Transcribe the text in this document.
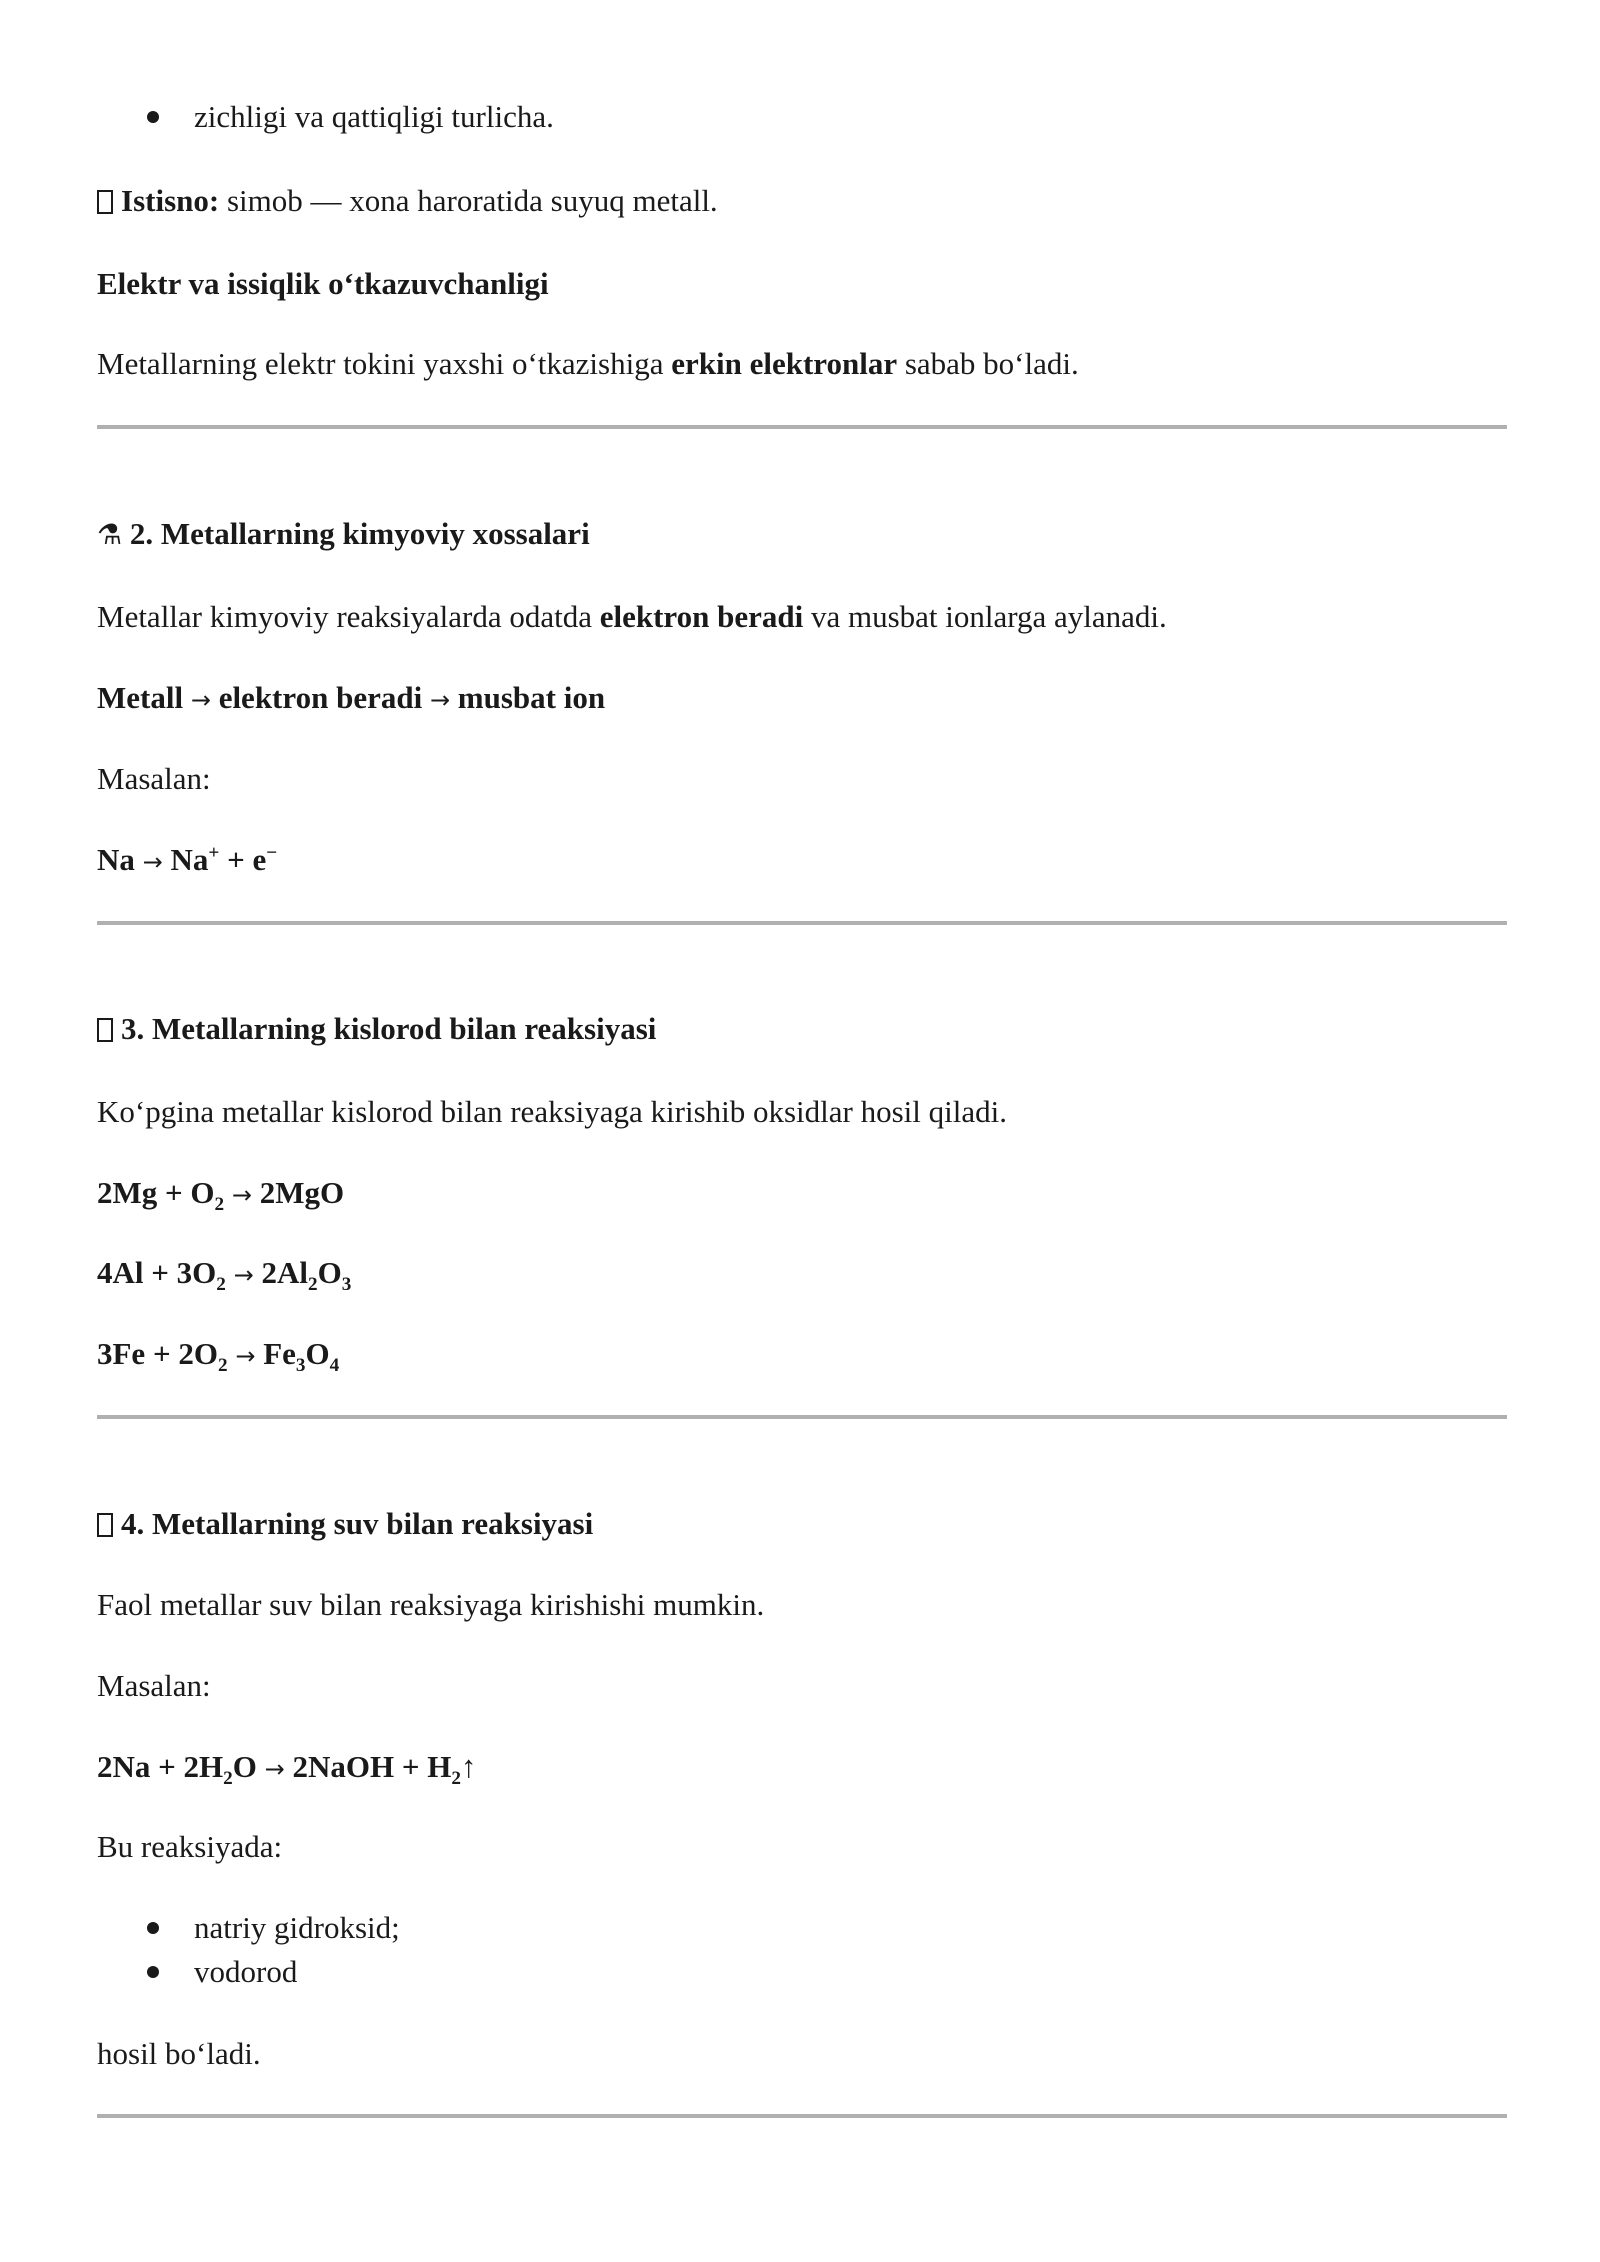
zichligi va qattiqligi turlicha.
Istisno: simob — xona haroratida suyuq metall.
Elektr va issiqlik o‘tkazuvchanligi
Metallarning elektr tokini yaxshi o‘tkazishiga erkin elektronlar sabab bo‘ladi.
⚗ 2. Metallarning kimyoviy xossalari
Metallar kimyoviy reaksiyalarda odatda elektron beradi va musbat ionlarga aylanadi.
Metall → elektron beradi → musbat ion
Masalan:
Na → Na+ + e−
3. Metallarning kislorod bilan reaksiyasi
Ko‘pgina metallar kislorod bilan reaksiyaga kirishib oksidlar hosil qiladi.
$2Mg + O_2 \to 2MgO$
$4Al + 3O_2 \to 2Al_2O_3$
$3Fe + 2O_2 \to Fe_3O_4$
4. Metallarning suv bilan reaksiyasi
Faol metallar suv bilan reaksiyaga kirishishi mumkin.
Masalan:
$2Na + 2H_2O$ → 2NaOH + $H_2↑$
Bu reaksiyada:
natriy gidroksid;
vodorod
hosil bo‘ladi.
